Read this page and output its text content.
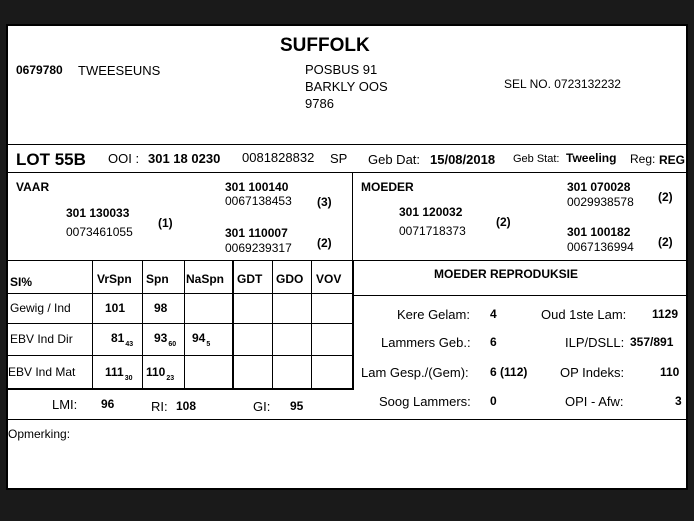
SUFFOLK
0679780 TWEESEUNS	POSBUS 91
BARKLY OOS
9786
SEL NO. 0723132232
LOT 55B OOI : 301 18 0230 0081828832 SP Geb Dat: 15/08/2018 Geb Stat: Tweeling Reg: REG
VAAR	301 100140
0067138453 (3)
301 130033
0073461055
(1)
301 110007
0069239317 (2)
MOEDER	301 070028
0029938578 (2)
301 120032
0071718373
(2)
301 100182
0067136994 (2)
SI%	VrSpn Spn NaSpn GDT GDO VOV
Gewig / Ind	101 98
EBV Ind Dir	$81_{43}$ $93_{60}$ $94_5$
EBV Ind Mat $111_{30}$ $110_{23}$
LMI: 96	RI: 108	GI: 95
MOEDER REPRODUKSIE
Kere Gelam: 4	Oud 1ste Lam: 1129
Lammers Geb.: 6	ILP/DSLL: 357/891
Lam Gesp./(Gem): 6 (112)	OP Indeks:	110
Soog Lammers: 0	OPI - Afw:	3
Opmerking:
